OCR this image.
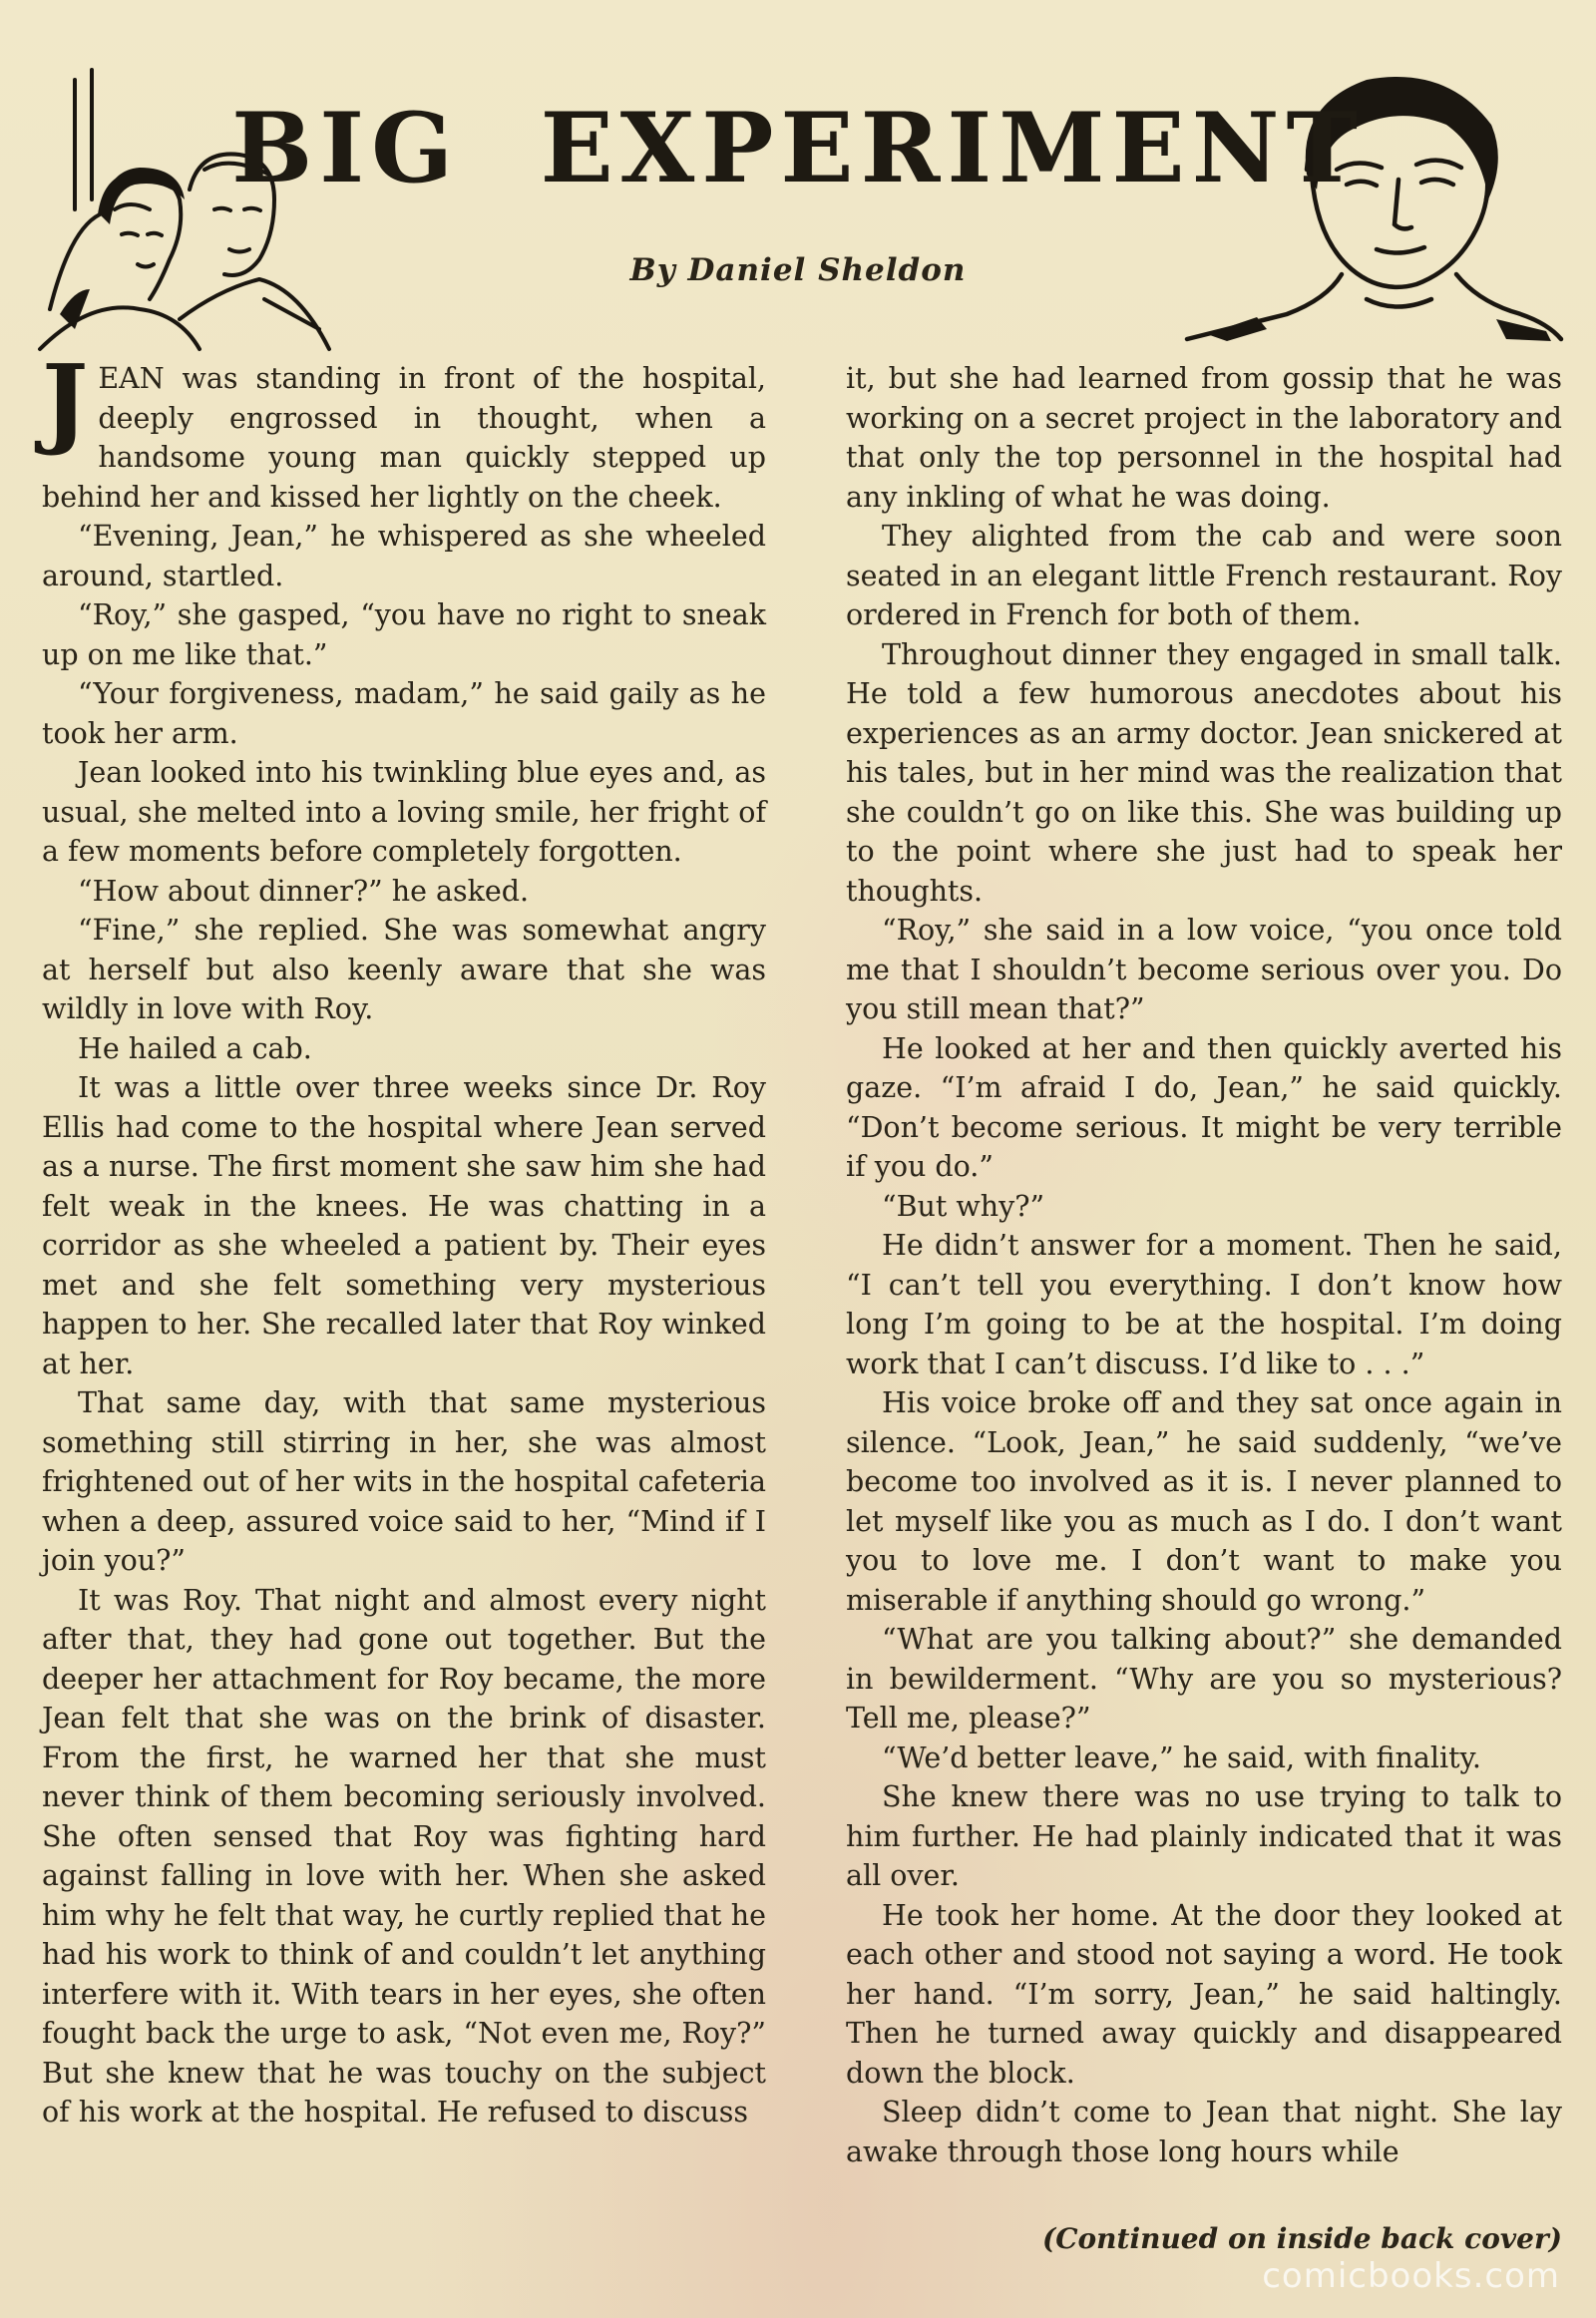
BIG EXPERIMENT
By Daniel Sheldon

JEAN was standing in front of the hospital, deeply engrossed in thought, when a handsome young man quickly stepped up behind her and kissed her lightly on the cheek.

“Evening, Jean,” he whispered as she wheeled around, startled.

“Roy,” she gasped, “you have no right to sneak up on me like that.”

“Your forgiveness, madam,” he said gaily as he took her arm.

Jean looked into his twinkling blue eyes and, as usual, she melted into a loving smile, her fright of a few moments before completely forgotten.

“How about dinner?” he asked.

“Fine,” she replied. She was somewhat angry at herself but also keenly aware that she was wildly in love with Roy.

He hailed a cab.

It was a little over three weeks since Dr. Roy Ellis had come to the hospital where Jean served as a nurse. The first moment she saw him she had felt weak in the knees. He was chatting in a corridor as she wheeled a patient by. Their eyes met and she felt something very mysterious happen to her. She recalled later that Roy winked at her.

That same day, with that same mysterious something still stirring in her, she was almost frightened out of her wits in the hospital cafeteria when a deep, assured voice said to her, “Mind if I join you?”

It was Roy. That night and almost every night after that, they had gone out together. But the deeper her attachment for Roy became, the more Jean felt that she was on the brink of disaster. From the first, he warned her that she must never think of them becoming seriously involved. She often sensed that Roy was fighting hard against falling in love with her. When she asked him why he felt that way, he curtly replied that he had his work to think of and couldn’t let anything interfere with it. With tears in her eyes, she often fought back the urge to ask, “Not even me, Roy?” But she knew that he was touchy on the subject of his work at the hospital. He refused to discuss

it, but she had learned from gossip that he was working on a secret project in the laboratory and that only the top personnel in the hospital had any inkling of what he was doing.

They alighted from the cab and were soon seated in an elegant little French restaurant. Roy ordered in French for both of them.

Throughout dinner they engaged in small talk. He told a few humorous anecdotes about his experiences as an army doctor. Jean snickered at his tales, but in her mind was the realization that she couldn’t go on like this. She was building up to the point where she just had to speak her thoughts.

“Roy,” she said in a low voice, “you once told me that I shouldn’t become serious over you. Do you still mean that?”

He looked at her and then quickly averted his gaze. “I’m afraid I do, Jean,” he said quickly. “Don’t become serious. It might be very terrible if you do.”

“But why?”

He didn’t answer for a moment. Then he said, “I can’t tell you everything. I don’t know how long I’m going to be at the hospital. I’m doing work that I can’t discuss. I’d like to . . .”

His voice broke off and they sat once again in silence. “Look, Jean,” he said suddenly, “we’ve become too involved as it is. I never planned to let myself like you as much as I do. I don’t want you to love me. I don’t want to make you miserable if anything should go wrong.”

“What are you talking about?” she demanded in bewilderment. “Why are you so mysterious? Tell me, please?”

“We’d better leave,” he said, with finality.

She knew there was no use trying to talk to him further. He had plainly indicated that it was all over.

He took her home. At the door they looked at each other and stood not saying a word. He took her hand. “I’m sorry, Jean,” he said haltingly. Then he turned away quickly and disappeared down the block.

Sleep didn’t come to Jean that night. She lay awake through those long hours while

(Continued on inside back cover)
comicbooks.com
